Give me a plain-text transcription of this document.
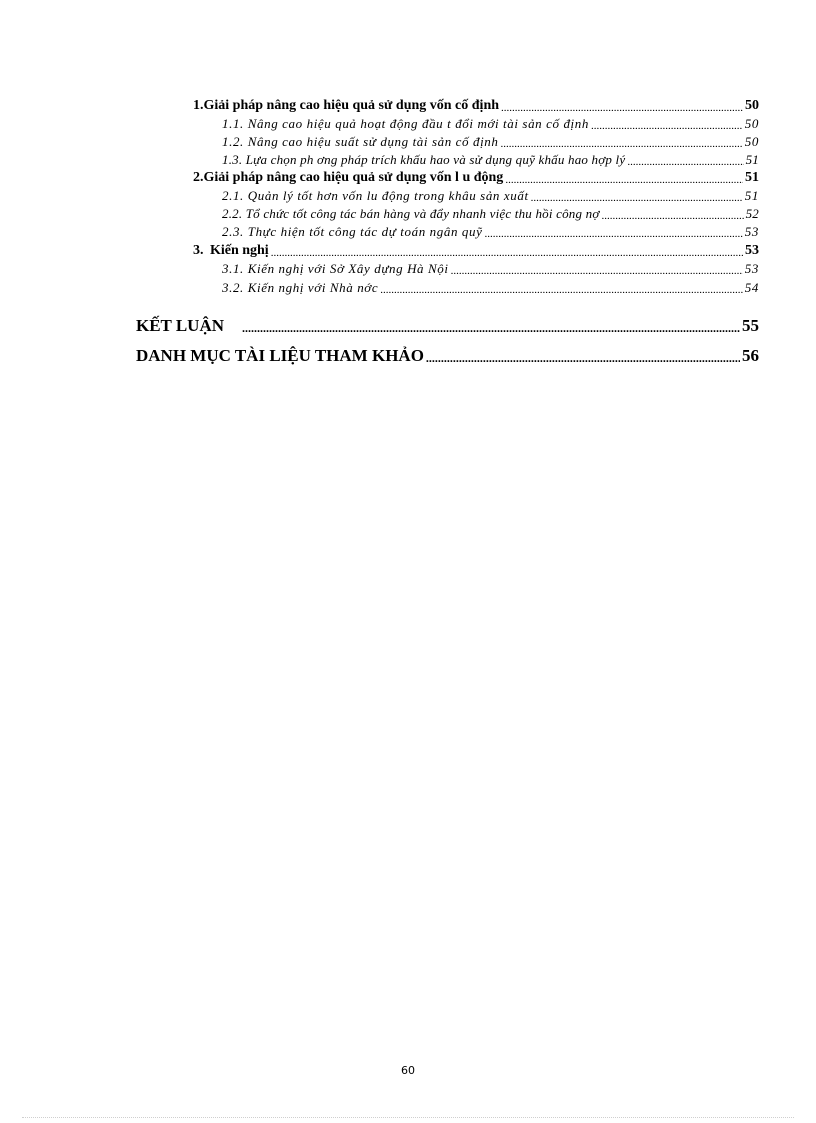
1. Giải pháp nâng cao hiệu quả sử dụng vốn cố định .....	50
1.1. Nâng cao hiệu quả hoạt động đầu t đổi mới tài sản cố định .....	50
1.2. Nâng cao hiệu suất sử dụng tài sản cố định .....	50
1.3. Lựa chọn ph ơng pháp trích khấu hao và sử dụng quỹ khấu hao hợp lý .....	51
2. Giải pháp nâng cao hiệu quả sử dụng vốn l u động .....	51
2.1. Quản lý tốt hơn vốn lu động trong khâu sản xuất .....	51
2.2. Tổ chức tốt công tác bán hàng và đẩy nhanh việc thu hồi công nợ .....	52
2.3. Thực hiện tốt công tác dự toán ngân quỹ .....	53
3. Kiến nghị .....	53
3.1. Kiến nghị với Sở Xây dựng Hà Nội .....	53
3.2. Kiến nghị với Nhà nớc .....	54
KẾT LUẬN .....	55
DANH MỤC TÀI LIỆU THAM KHẢO .....	56
60
